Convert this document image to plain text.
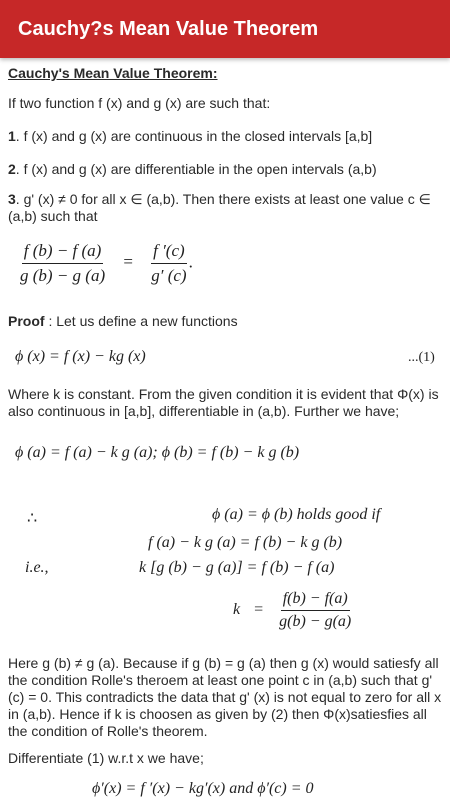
Cauchy?s Mean Value Theorem
Cauchy's Mean Value Theorem:
If two function f (x) and g (x) are such that:
1. f (x) and g (x) are continuous in the closed intervals [a,b]
2. f (x) and g (x) are differentiable in the open intervals (a,b)
3. g' (x) ≠ 0 for all x ∈ (a,b). Then there exists at least one value c ∈ (a,b) such that
$\frac{f (b) - f (a)}{g (b) - g (a)} = \frac{f '(c)}{g' (c)}$ .
Proof : Let us define a new functions
ϕ (x) = f (x) − kg (x)	...(1)
Where k is constant. From the given condition it is evident that Φ(x) is also continuous in [a,b], differentiable in (a,b). Further we have;
ϕ (a) = f (a) − k g (a); ϕ (b) = f (b) − k g (b)
∴	ϕ (a) = ϕ (b) holds good if
f (a) − k g (a) = f (b) − k g (b)
i.e.,	k [g (b) − g (a)] = f (b) − f (a)
$k = \frac{f(b) - f(a)}{g(b) - g(a)}$
Here g (b) ≠ g (a). Because if g (b) = g (a) then g (x) would satiesfy all the condition Rolle's theroem at least one point c in (a,b) such that g' (c) = 0. This contradicts the data that g' (x) is not equal to zero for all x in (a,b). Hence if k is choosen as given by (2) then Φ(x)satiesfies all the condition of Rolle's theorem.
Differentiate (1) w.r.t x we have;
ϕ′(x) = f ′(x) − kg′(x) and ϕ′(c) = 0
